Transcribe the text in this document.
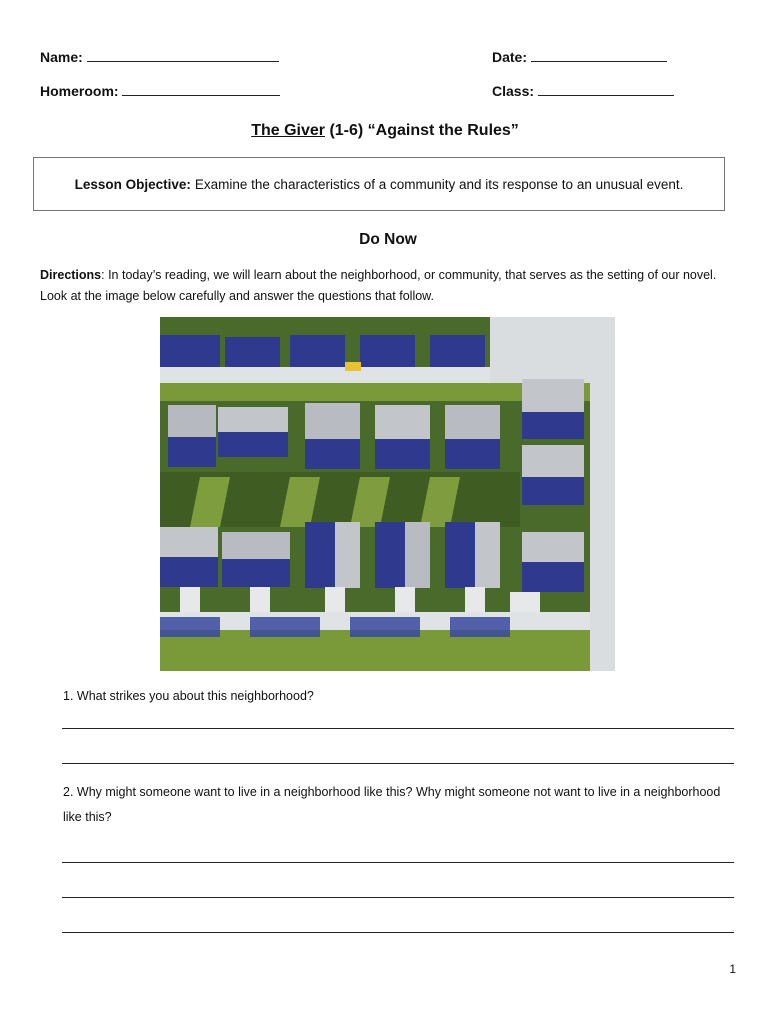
Name:	Date:
Homeroom:	Class:
The Giver (1-6) “Against the Rules”
Lesson Objective: Examine the characteristics of a community and its response to an unusual event.
Do Now
Directions: In today’s reading, we will learn about the neighborhood, or community, that serves as the setting of our novel. Look at the image below carefully and answer the questions that follow.
1. What strikes you about this neighborhood?
2. Why might someone want to live in a neighborhood like this? Why might someone not want to live in a neighborhood like this?
1
